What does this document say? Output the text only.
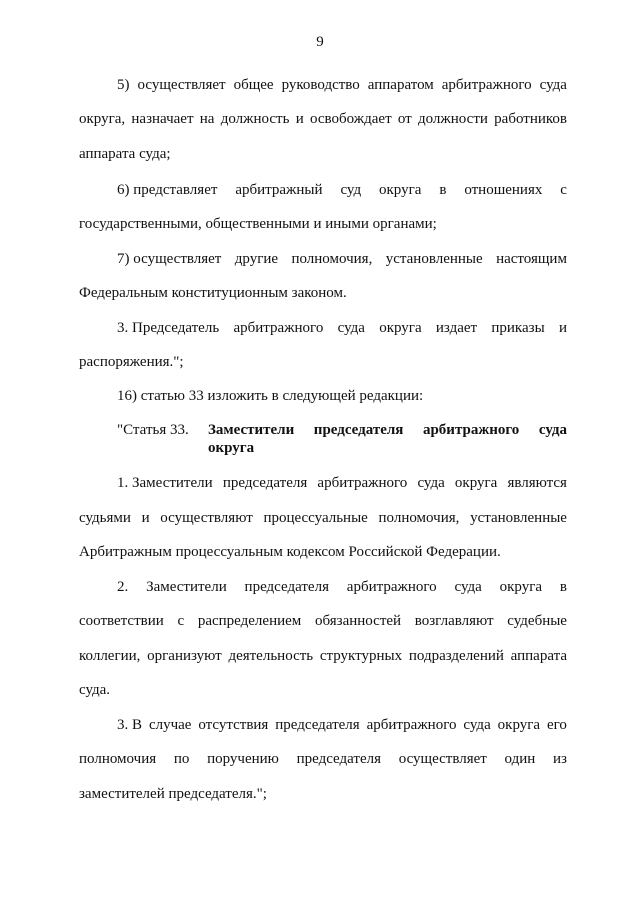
9
5) осуществляет общее руководство аппаратом арбитражного суда
округа, назначает на должность и освобождает от должности работников
аппарата суда;
6) представляет арбитражный суд округа в отношениях с
государственными, общественными и иными органами;
7) осуществляет другие полномочия, установленные настоящим
Федеральным конституционным законом.
3. Председатель арбитражного суда округа издает приказы и
распоряжения.";
16) статью 33 изложить в следующей редакции:
"Статья 33. Заместители председателя арбитражного суда
округа
1. Заместители председателя арбитражного суда округа являются
судьями и осуществляют процессуальные полномочия, установленные
Арбитражным процессуальным кодексом Российской Федерации.
2. Заместители председателя арбитражного суда округа в
соответствии с распределением обязанностей возглавляют судебные
коллегии, организуют деятельность структурных подразделений аппарата
суда.
3. В случае отсутствия председателя арбитражного суда округа его
полномочия по поручению председателя осуществляет один из
заместителей председателя.";
